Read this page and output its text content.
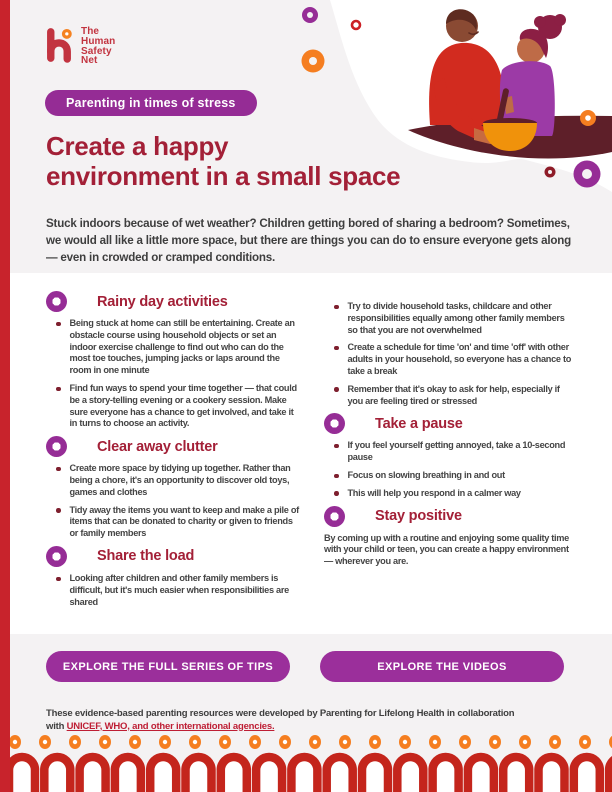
The
Human
Safety
Net
Parenting in times of stress
Create a happy
environment in a small space

Stuck indoors because of wet weather? Children getting bored of sharing a bedroom? Sometimes, we would all like a little more space, but there are things you can do to ensure everyone gets along — even in crowded or cramped conditions.

Rainy day activities
Being stuck at home can still be entertaining. Create an obstacle course using household objects or set an indoor exercise challenge to find out who can do the most toe touches, jumping jacks or laps around the room in one minute
Find fun ways to spend your time together — that could be a story-telling evening or a cookery session. Make sure everyone has a chance to get involved, and take it in turns to choose an activity.
Clear away clutter
Create more space by tidying up together. Rather than being a chore, it's an opportunity to discover old toys, games and clothes
Tidy away the items you want to keep and make a pile of items that can be donated to charity or given to friends or family members
Share the load
Looking after children and other family members is difficult, but it's much easier when responsibilities are shared
Try to divide household tasks, childcare and other responsibilities equally among other family members so that you are not overwhelmed
Create a schedule for time 'on' and time 'off' with other adults in your household, so everyone has a chance to take a break
Remember that it's okay to ask for help, especially if you are feeling tired or stressed
Take a pause
If you feel yourself getting annoyed, take a 10-second pause
Focus on slowing breathing in and out
This will help you respond in a calmer way
Stay positive

By coming up with a routine and enjoying some quality time with your child or teen, you can create a happy environment — wherever you are.

EXPLORE THE FULL SERIES OF TIPS	EXPLORE THE VIDEOS

These evidence-based parenting resources were developed by Parenting for Lifelong Health in collaboration with UNICEF, WHO, and other international agencies.
